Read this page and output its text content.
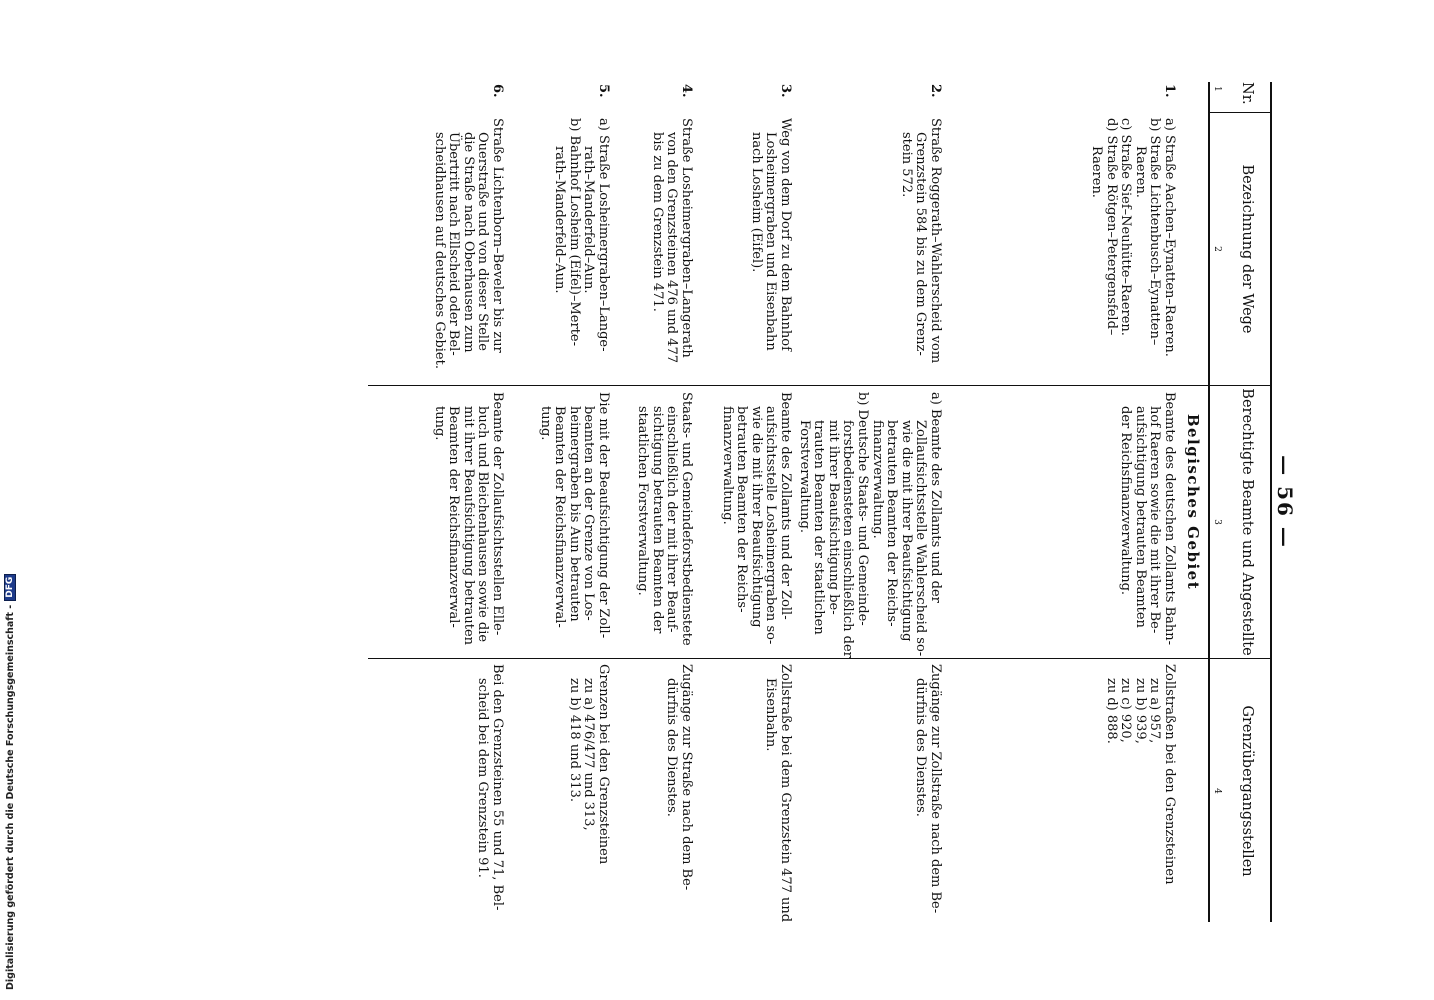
— 56 —
Nr.
Bezeichnung der Wege
Berechtigte Beamte und Angestellte
Grenzübergangsstellen
1
2
3
4
Belgisches Gebiet
1.
a) Straße Aachen–Eynatten–Raeren.
b) Straße Lichtenbusch–Eynatten–
Raeren.
c) Straße Sief–Neuhütte–Raeren.
d) Straße Rötgen–Petergensfeld–
Raeren.
Beamte des deutschen Zollamts Bahn-
hof Raeren sowie die mit ihrer Be-
aufsichtigung betrauten Beamten
der Reichsfinanzverwaltung.
Zollstraßen bei den Grenzsteinen
zu a) 957,
zu b) 939,
zu c) 920,
zu d) 888.
2.
Straße Roggerath–Wahlerscheid vom
Grenzstein 584 bis zu dem Grenz-
stein 572.
a) Beamte des Zollamts und der
Zollaufsichtsstelle Wahlerscheid so-
wie die mit ihrer Beaufsichtigung
betrauten Beamten der Reichs-
finanzverwaltung.
b) Deutsche Staats- und Gemeinde-
forstbediensteten einschließlich der
mit ihrer Beaufsichtigung be-
trauten Beamten der staatlichen
Forstverwaltung.
Zugänge zur Zollstraße nach dem Be-
dürfnis des Dienstes.
3.
Weg von dem Dorf zu dem Bahnhof
Losheimergraben und Eisenbahn
nach Losheim (Eifel).
Beamte des Zollamts und der Zoll-
aufsichtsstelle Losheimergraben so-
wie die mit ihrer Beaufsichtigung
betrauten Beamten der Reichs-
finanzverwaltung.
Zollstraße bei dem Grenzstein 477 und
Eisenbahn.
4.
Straße Losheimergraben–Langerath
von den Grenzsteinen 476 und 477
bis zu dem Grenzstein 471.
Staats- und Gemeindeforstbedienstete
einschließlich der mit ihrer Beauf-
sichtigung betrauten Beamten der
staatlichen Forstverwaltung.
Zugänge zur Straße nach dem Be-
dürfnis des Dienstes.
5.
a) Straße Losheimergraben–Lange-
rath–Manderfeld–Aun.
b) Bahnhof Losheim (Eifel)–Merte-
rath–Manderfeld–Aun.
Die mit der Beaufsichtigung der Zoll-
beamten an der Grenze von Los-
heimergraben bis Aun betrauten
Beamten der Reichsfinanzverwal-
tung.
Grenzen bei den Grenzsteinen
zu a) 476/477 und 313,
zu b) 418 und 313.
6.
Straße Lichtenborn–Beveler bis zur
Ouerstraße und von dieser Stelle
die Straße nach Oberhausen zum
Übertritt nach Ellscheid oder Bel-
scheidhausen auf deutsches Gebiet.
Beamte der Zollaufsichtsstellen Elle-
buch und Bleichenhausen sowie die
mit ihrer Beaufsichtigung betrauten
Beamten der Reichsfinanzverwal-
tung.
Bei den Grenzsteinen 55 und 71, Bel-
scheid bei dem Grenzstein 91.
Digitalisierung gefördert durch die Deutsche Forschungsgemeinschaft -
DFG
